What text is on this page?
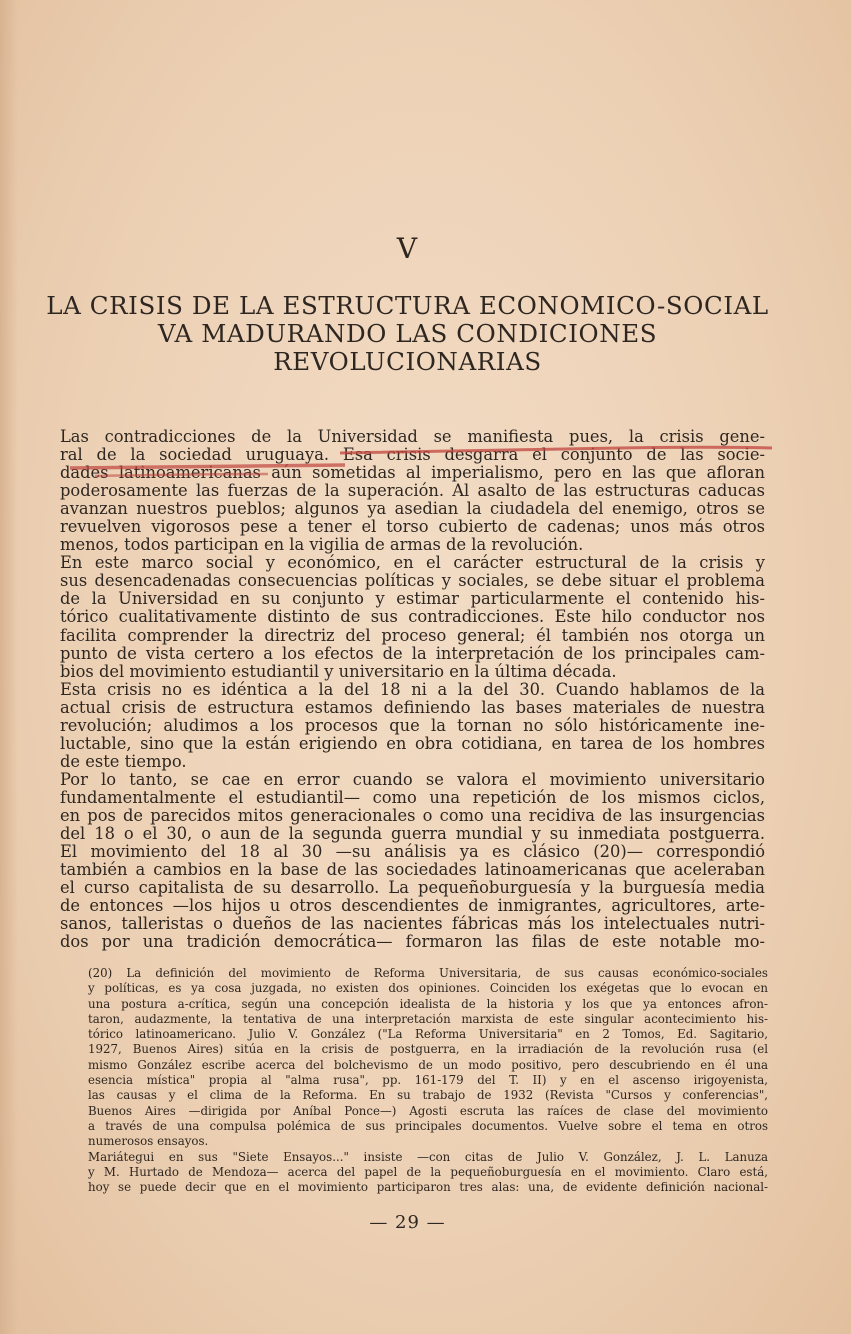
V
LA CRISIS DE LA ESTRUCTURA ECONOMICO-SOCIAL
VA MADURANDO LAS CONDICIONES
REVOLUCIONARIAS
Las contradicciones de la Universidad se manifiesta pues, la crisis gene-
ral de la sociedad uruguaya. Esa crisis desgarra el conjunto de las socie-
dades latinoamericanas aún sometidas al imperialismo, pero en las que afloran
poderosamente las fuerzas de la superación. Al asalto de las estructuras caducas
avanzan nuestros pueblos; algunos ya asedian la ciudadela del enemigo, otros se
revuelven vigorosos pese a tener el torso cubierto de cadenas; unos más otros
menos, todos participan en la vigilia de armas de la revolución.
En este marco social y económico, en el carácter estructural de la crisis y
sus desencadenadas consecuencias políticas y sociales, se debe situar el problema
de la Universidad en su conjunto y estimar particularmente el contenido his-
tórico cualitativamente distinto de sus contradicciones. Este hilo conductor nos
facilita comprender la directriz del proceso general; él también nos otorga un
punto de vista certero a los efectos de la interpretación de los principales cam-
bios del movimiento estudiantil y universitario en la última década.
Esta crisis no es idéntica a la del 18 ni a la del 30. Cuando hablamos de la
actual crisis de estructura estamos definiendo las bases materiales de nuestra
revolución; aludimos a los procesos que la tornan no sólo históricamente ine-
luctable, sino que la están erigiendo en obra cotidiana, en tarea de los hombres
de este tiempo.
Por lo tanto, se cae en error cuando se valora el movimiento universitario
fundamentalmente el estudiantil— como una repetición de los mismos ciclos,
en pos de parecidos mitos generacionales o como una recidiva de las insurgencias
del 18 o el 30, o aun de la segunda guerra mundial y su inmediata postguerra.
El movimiento del 18 al 30 —su análisis ya es clásico (20)— correspondió
también a cambios en la base de las sociedades latinoamericanas que aceleraban
el curso capitalista de su desarrollo. La pequeñoburguesía y la burguesía media
de entonces —los hijos u otros descendientes de inmigrantes, agricultores, arte-
sanos, talleristas o dueños de las nacientes fábricas más los intelectuales nutri-
dos por una tradición democrática— formaron las filas de este notable mo-
(20) La definición del movimiento de Reforma Universitaria, de sus causas económico-sociales
y políticas, es ya cosa juzgada, no existen dos opiniones. Coinciden los exégetas que lo evocan en
una postura a-crítica, según una concepción idealista de la historia y los que ya entonces afron-
taron, audazmente, la tentativa de una interpretación marxista de este singular acontecimiento his-
tórico latinoamericano. Julio V. González ("La Reforma Universitaria" en 2 Tomos, Ed. Sagitario,
1927, Buenos Aires) sitúa en la crisis de postguerra, en la irradiación de la revolución rusa (el
mismo González escribe acerca del bolchevismo de un modo positivo, pero descubriendo en él una
esencia mística" propia al "alma rusa", pp. 161-179 del T. II) y en el ascenso irigoyenista,
las causas y el clima de la Reforma. En su trabajo de 1932 (Revista "Cursos y conferencias",
Buenos Aires —dirigida por Aníbal Ponce—) Agosti escruta las raíces de clase del movimiento
a través de una compulsa polémica de sus principales documentos. Vuelve sobre el tema en otros
numerosos ensayos.
Mariátegui en sus "Siete Ensayos..." insiste —con citas de Julio V. González, J. L. Lanuza
y M. Hurtado de Mendoza— acerca del papel de la pequeñoburguesía en el movimiento. Claro está,
hoy se puede decir que en el movimiento participaron tres alas: una, de evidente definición nacional-
— 29 —
